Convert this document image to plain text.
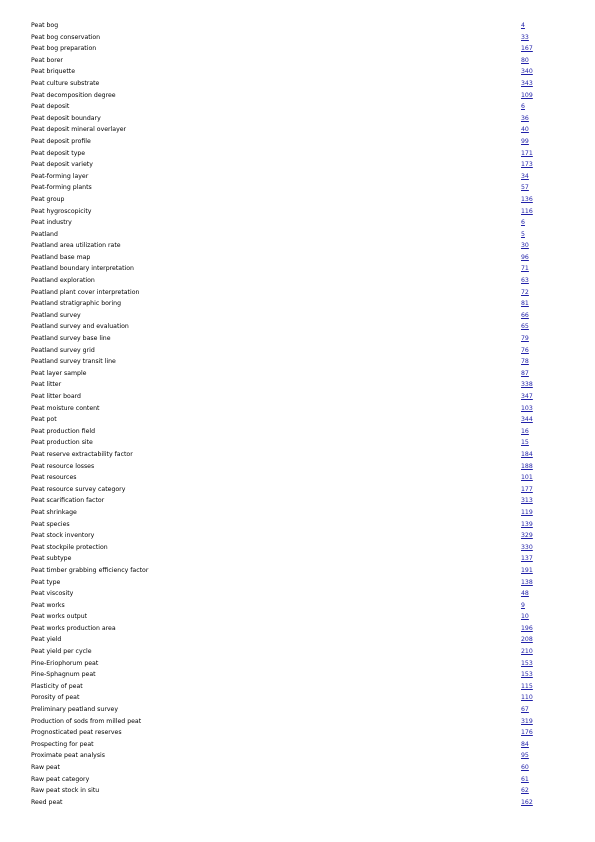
Peat bog	4
Peat bog conservation	33
Peat bog preparation	167
Peat borer	80
Peat briquette	340
Peat culture substrate	343
Peat decomposition degree	109
Peat deposit	6
Peat deposit boundary	36
Peat deposit mineral overlayer	40
Peat deposit profile	99
Peat deposit type	171
Peat deposit variety	173
Peat-forming layer	34
Peat-forming plants	57
Peat group	136
Peat hygroscopicity	116
Peat industry	6
Peatland	5
Peatland area utilization rate	30
Peatland base map	96
Peatland boundary interpretation	71
Peatland exploration	63
Peatland plant cover interpretation	72
Peatland stratigraphic boring	81
Peatland survey	66
Peatland survey and evaluation	65
Peatland survey base line	79
Peatland survey grid	76
Peatland survey transit line	78
Peat layer sample	87
Peat litter	338
Peat litter board	347
Peat moisture content	103
Peat pot	344
Peat production field	16
Peat production site	15
Peat reserve extractability factor	184
Peat resource losses	188
Peat resources	101
Peat resource survey category	177
Peat scarification factor	313
Peat shrinkage	119
Peat species	139
Peat stock inventory	329
Peat stockpile protection	330
Peat subtype	137
Peat timber grabbing efficiency factor	191
Peat type	138
Peat viscosity	48
Peat works	9
Peat works output	10
Peat works production area	196
Peat yield	208
Peat yield per cycle	210
Pine-Eriophorum peat	153
Pine-Sphagnum peat	153
Plasticity of peat	115
Porosity of peat	110
Preliminary peatland survey	67
Production of sods from milled peat	319
Prognosticated peat reserves	176
Prospecting for peat	84
Proximate peat analysis	95
Raw peat	60
Raw peat category	61
Raw peat stock in situ	62
Reed peat	162
